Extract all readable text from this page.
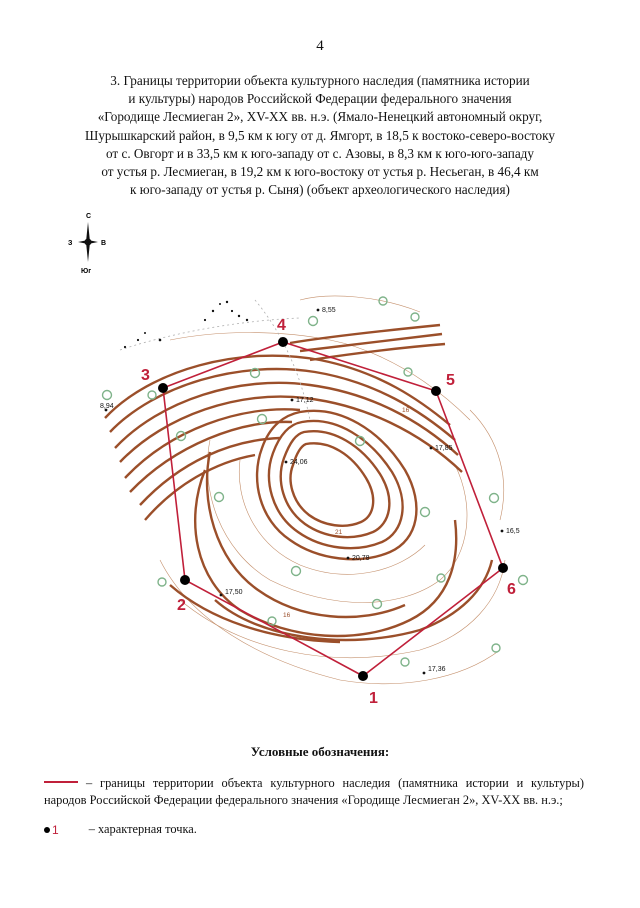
4
3. Границы территории объекта культурного наследия (памятника истории
и культуры) народов Российской Федерации федерального значения
«Городище Лесмиеган 2», XV-XX вв. н.э. (Ямало-Ненецкий автономный округ,
Шурышкарский район, в 9,5 км к югу от д. Ямгорт, в 18,5 к востоко-северо-востоку
от с. Овгорт и в 33,5 км к юго-западу от с. Азовы, в 8,3 км к юго-юго-западу
от устья р. Лесмиеган, в 19,2 км к юго-востоку от устья р. Несьеган, в 46,4 км
к юго-западу от устья р. Сыня) (объект археологического наследия)
С
З	В
Юг
1
2
3
4
5
6
8,55
8,94
17,12
17,85
24,06
20,78
16,5
17,50
17,36
21
16
16
Условные обозначения:
– границы территории объекта культурного наследия (памятника истории и культуры) народов Российской Федерации федерального значения «Городище Лесмиеган 2», XV-XX вв. н.э.;
1 – характерная точка.
